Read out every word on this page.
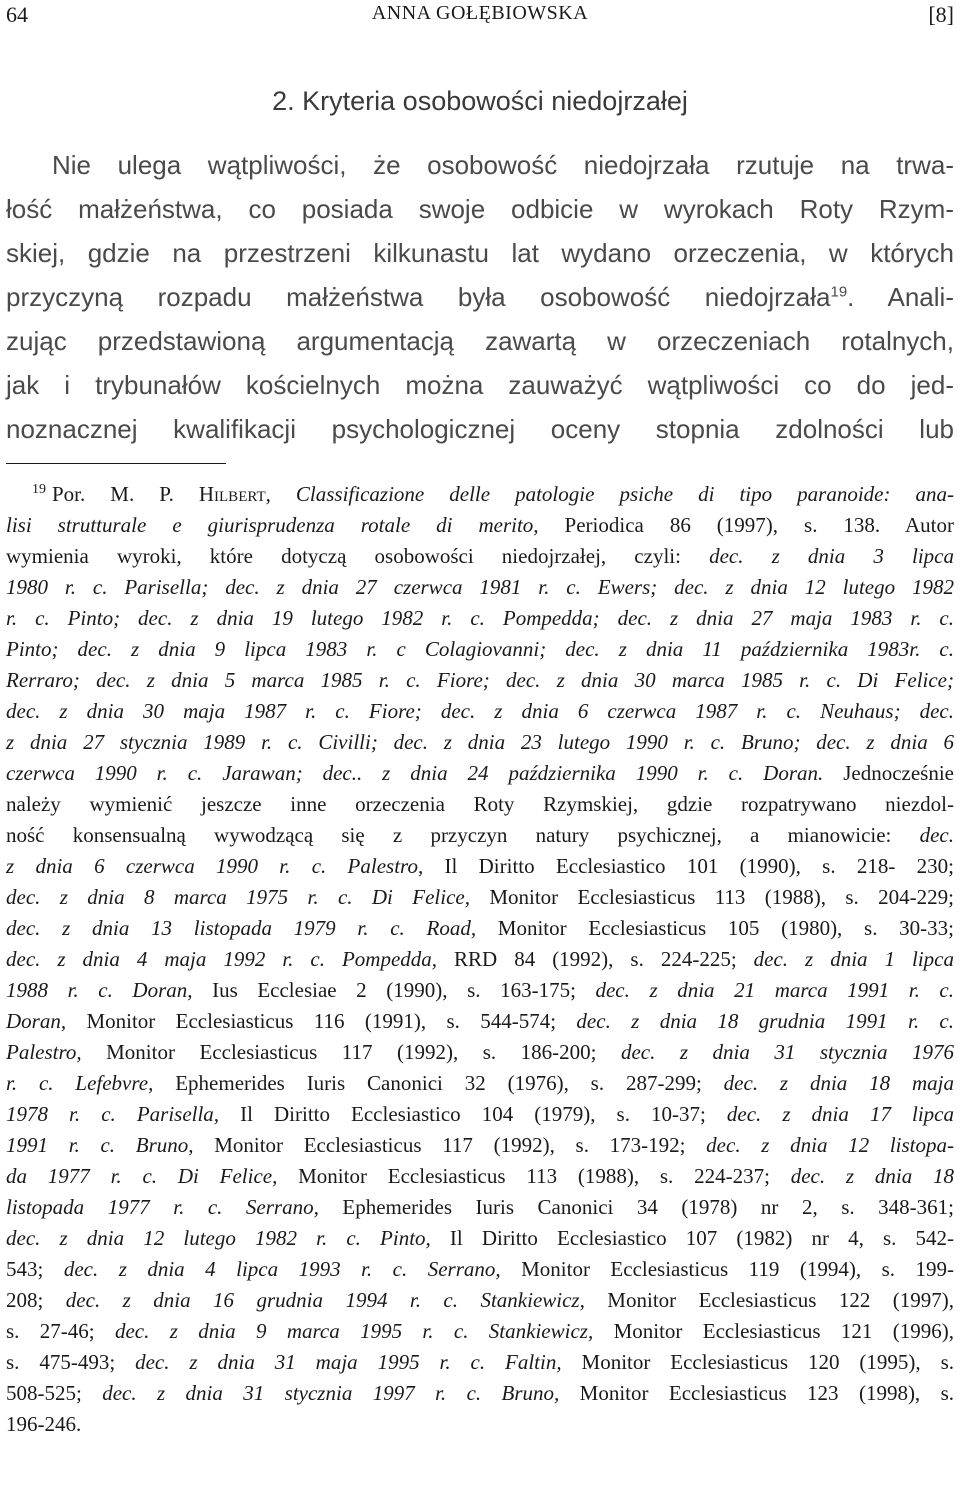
64	ANNA GOŁĘBIOWSKA	[8]
2. Kryteria osobowości niedojrzałej
Nie ulega wątpliwości, że osobowość niedojrzała rzutuje na trwa-
łość małżeństwa, co posiada swoje odbicie w wyrokach Roty Rzym-
skiej, gdzie na przestrzeni kilkunastu lat wydano orzeczenia, w których
przyczyną rozpadu małżeństwa była osobowość niedojrzała$^{19}$. Anali-
zując przedstawioną argumentacją zawartą w orzeczeniach rotalnych,
jak i trybunałów kościelnych można zauważyć wątpliwości co do jed-
noznacznej kwalifikacji psychologicznej oceny stopnia zdolności lub
$^{19}$ Por. M. P. Hilbert, Classificazione delle patologie psiche di tipo paranoide: ana-
lisi strutturale e giurisprudenza rotale di merito, Periodica 86 (1997), s. 138. Autor
wymienia wyroki, które dotyczą osobowości niedojrzałej, czyli: dec. z dnia 3 lipca
1980 r. c. Parisella; dec. z dnia 27 czerwca 1981 r. c. Ewers; dec. z dnia 12 lutego 1982
r. c. Pinto; dec. z dnia 19 lutego 1982 r. c. Pompedda; dec. z dnia 27 maja 1983 r. c.
Pinto; dec. z dnia 9 lipca 1983 r. c Colagiovanni; dec. z dnia 11 października 1983r. c.
Rerraro; dec. z dnia 5 marca 1985 r. c. Fiore; dec. z dnia 30 marca 1985 r. c. Di Felice;
dec. z dnia 30 maja 1987 r. c. Fiore; dec. z dnia 6 czerwca 1987 r. c. Neuhaus; dec.
z dnia 27 stycznia 1989 r. c. Civilli; dec. z dnia 23 lutego 1990 r. c. Bruno; dec. z dnia 6
czerwca 1990 r. c. Jarawan; dec.. z dnia 24 października 1990 r. c. Doran. Jednocześnie
należy wymienić jeszcze inne orzeczenia Roty Rzymskiej, gdzie rozpatrywano niezdol-
ność konsensualną wywodzącą się z przyczyn natury psychicznej, a mianowicie: dec.
z dnia 6 czerwca 1990 r. c. Palestro, Il Diritto Ecclesiastico 101 (1990), s. 218- 230;
dec. z dnia 8 marca 1975 r. c. Di Felice, Monitor Ecclesiasticus 113 (1988), s. 204-229;
dec. z dnia 13 listopada 1979 r. c. Road, Monitor Ecclesiasticus 105 (1980), s. 30-33;
dec. z dnia 4 maja 1992 r. c. Pompedda, RRD 84 (1992), s. 224-225; dec. z dnia 1 lipca
1988 r. c. Doran, Ius Ecclesiae 2 (1990), s. 163-175; dec. z dnia 21 marca 1991 r. c.
Doran, Monitor Ecclesiasticus 116 (1991), s. 544-574; dec. z dnia 18 grudnia 1991 r. c.
Palestro, Monitor Ecclesiasticus 117 (1992), s. 186-200; dec. z dnia 31 stycznia 1976
r. c. Lefebvre, Ephemerides Iuris Canonici 32 (1976), s. 287-299; dec. z dnia 18 maja
1978 r. c. Parisella, Il Diritto Ecclesiastico 104 (1979), s. 10-37; dec. z dnia 17 lipca
1991 r. c. Bruno, Monitor Ecclesiasticus 117 (1992), s. 173-192; dec. z dnia 12 listopa-
da 1977 r. c. Di Felice, Monitor Ecclesiasticus 113 (1988), s. 224-237; dec. z dnia 18
listopada 1977 r. c. Serrano, Ephemerides Iuris Canonici 34 (1978) nr 2, s. 348-361;
dec. z dnia 12 lutego 1982 r. c. Pinto, Il Diritto Ecclesiastico 107 (1982) nr 4, s. 542-
543; dec. z dnia 4 lipca 1993 r. c. Serrano, Monitor Ecclesiasticus 119 (1994), s. 199-
208; dec. z dnia 16 grudnia 1994 r. c. Stankiewicz, Monitor Ecclesiasticus 122 (1997),
s. 27-46; dec. z dnia 9 marca 1995 r. c. Stankiewicz, Monitor Ecclesiasticus 121 (1996),
s. 475-493; dec. z dnia 31 maja 1995 r. c. Faltin, Monitor Ecclesiasticus 120 (1995), s.
508-525; dec. z dnia 31 stycznia 1997 r. c. Bruno, Monitor Ecclesiasticus 123 (1998), s.
196-246.
